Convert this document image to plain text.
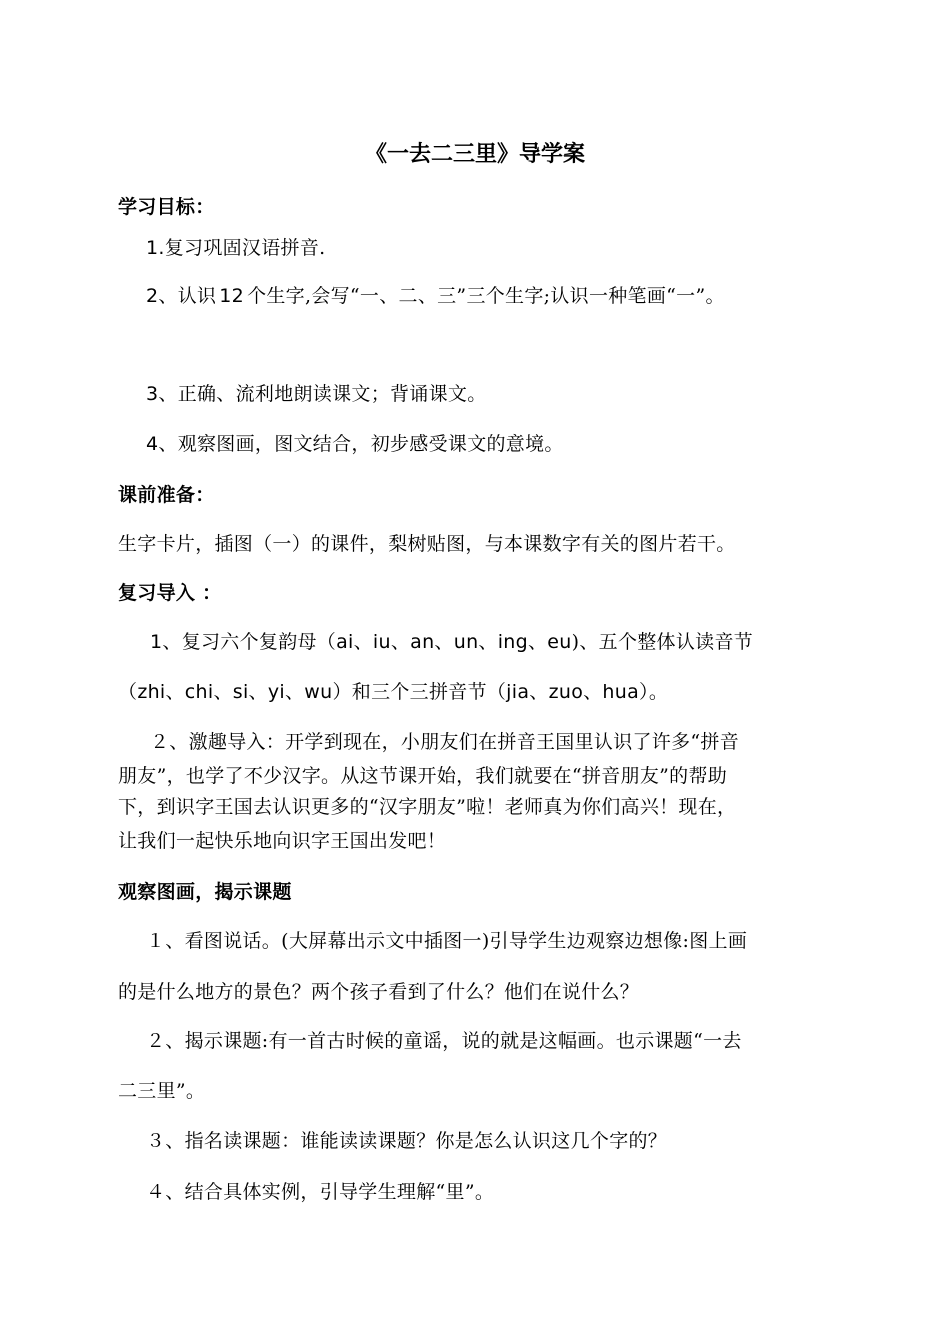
《一去二三里》导学案
学习目标：
1.复习巩固汉语拼音.
2、认识 12 个生字,会写“一、二、三”三个生字;认识一种笔画“一”。
3、正确、流利地朗读课文；背诵课文。
4、观察图画，图文结合，初步感受课文的意境。
课前准备：
生字卡片，插图（一）的课件，梨树贴图，与本课数字有关的图片若干。
复习导入 ：
1、复习六个复韵母（ai、iu、an、un、ing、eu)、五个整体认读音节
（zhi、chi、si、yi、wu）和三个三拼音节（jia、zuo、hua）。
２、激趣导入：开学到现在，小朋友们在拼音王国里认识了许多“拼音
朋友”，也学了不少汉字。从这节课开始，我们就要在“拼音朋友”的帮助
下，到识字王国去认识更多的“汉字朋友”啦！老师真为你们高兴！现在，
让我们一起快乐地向识字王国出发吧！
观察图画，揭示课题
１、看图说话。(大屏幕出示文中插图一)引导学生边观察边想像:图上画
的是什么地方的景色？两个孩子看到了什么？他们在说什么？
２、揭示课题:有一首古时候的童谣，说的就是这幅画。也示课题“一去
二三里”。
３、指名读课题：谁能读读课题？你是怎么认识这几个字的？
４、结合具体实例，引导学生理解“里”。
